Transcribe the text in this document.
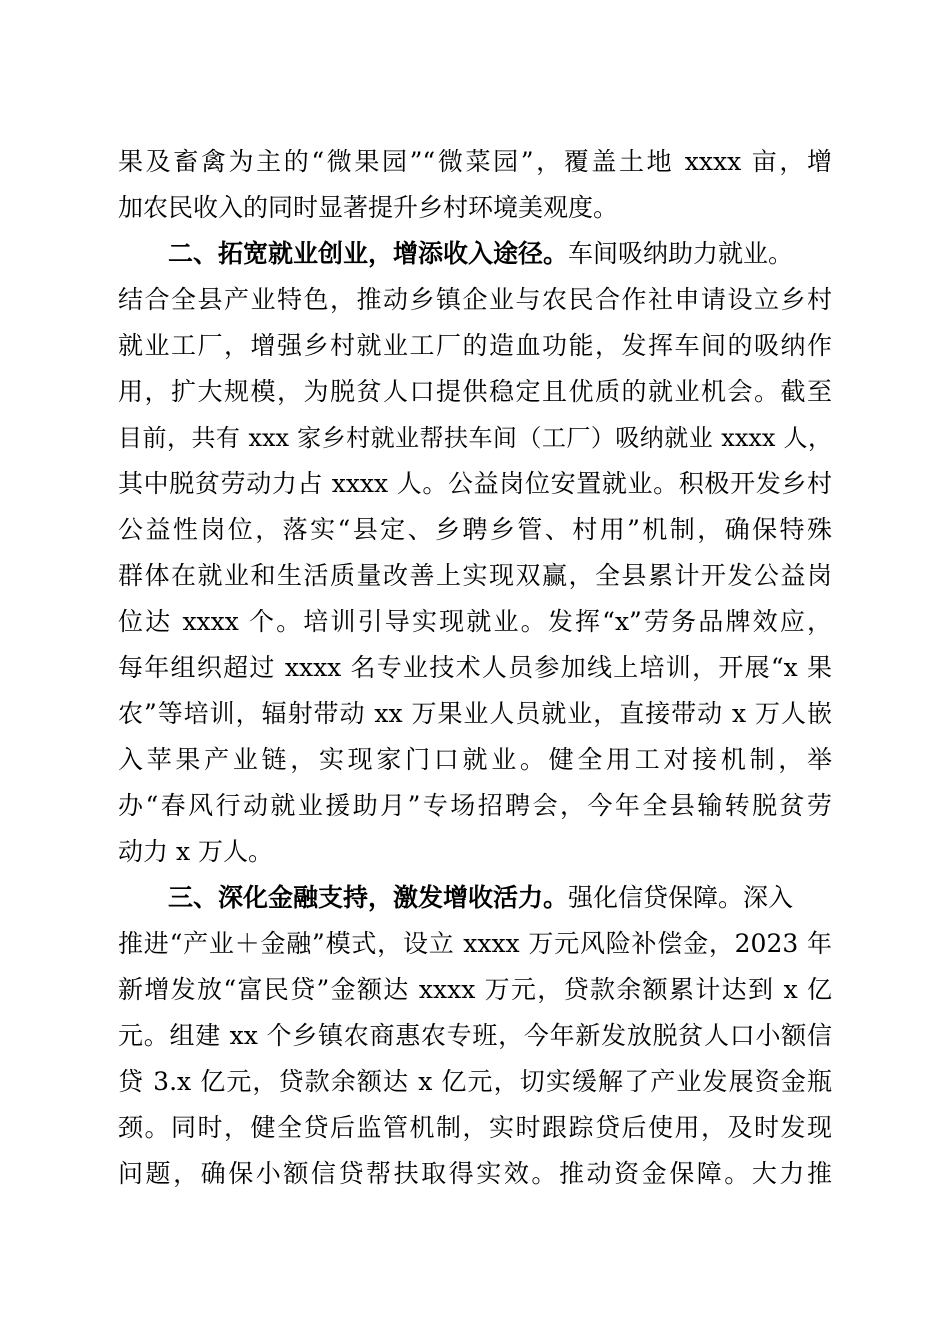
果及畜禽为主的“微果园”“微菜园”，覆盖土地 xxxx 亩，增
加农民收入的同时显著提升乡村环境美观度。
二、拓宽就业创业，增添收入途径。车间吸纳助力就业。
结合全县产业特色，推动乡镇企业与农民合作社申请设立乡村
就业工厂，增强乡村就业工厂的造血功能，发挥车间的吸纳作
用，扩大规模，为脱贫人口提供稳定且优质的就业机会。截至
目前，共有 xxx 家乡村就业帮扶车间（工厂）吸纳就业 xxxx 人，
其中脱贫劳动力占 xxxx 人。公益岗位安置就业。积极开发乡村
公益性岗位，落实“县定、乡聘乡管、村用”机制，确保特殊
群体在就业和生活质量改善上实现双赢，全县累计开发公益岗
位达 xxxx 个。培训引导实现就业。发挥“x”劳务品牌效应，
每年组织超过 xxxx 名专业技术人员参加线上培训，开展“x 果
农”等培训，辐射带动 xx 万果业人员就业，直接带动 x 万人嵌
入苹果产业链，实现家门口就业。健全用工对接机制，举
办“春风行动就业援助月”专场招聘会，今年全县输转脱贫劳
动力 x 万人。
三、深化金融支持，激发增收活力。强化信贷保障。深入
推进“产业＋金融”模式，设立 xxxx 万元风险补偿金，2023 年
新增发放“富民贷”金额达 xxxx 万元，贷款余额累计达到 x 亿
元。组建 xx 个乡镇农商惠农专班，今年新发放脱贫人口小额信
贷 3.x 亿元，贷款余额达 x 亿元，切实缓解了产业发展资金瓶
颈。同时，健全贷后监管机制，实时跟踪贷后使用，及时发现
问题，确保小额信贷帮扶取得实效。推动资金保障。大力推
